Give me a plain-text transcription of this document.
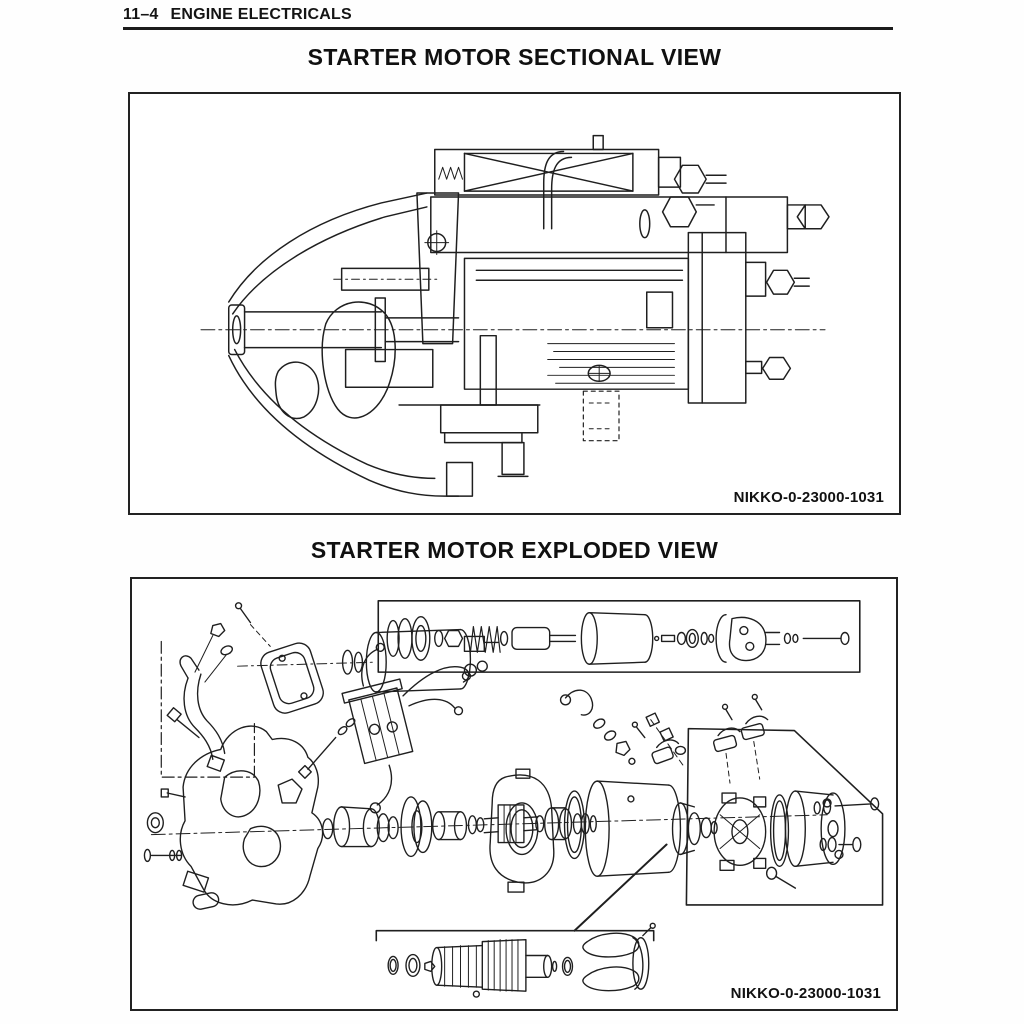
11–4 ENGINE ELECTRICALS
STARTER MOTOR SECTIONAL VIEW
NIKKO-0-23000-1031
STARTER MOTOR EXPLODED VIEW
NIKKO-0-23000-1031
